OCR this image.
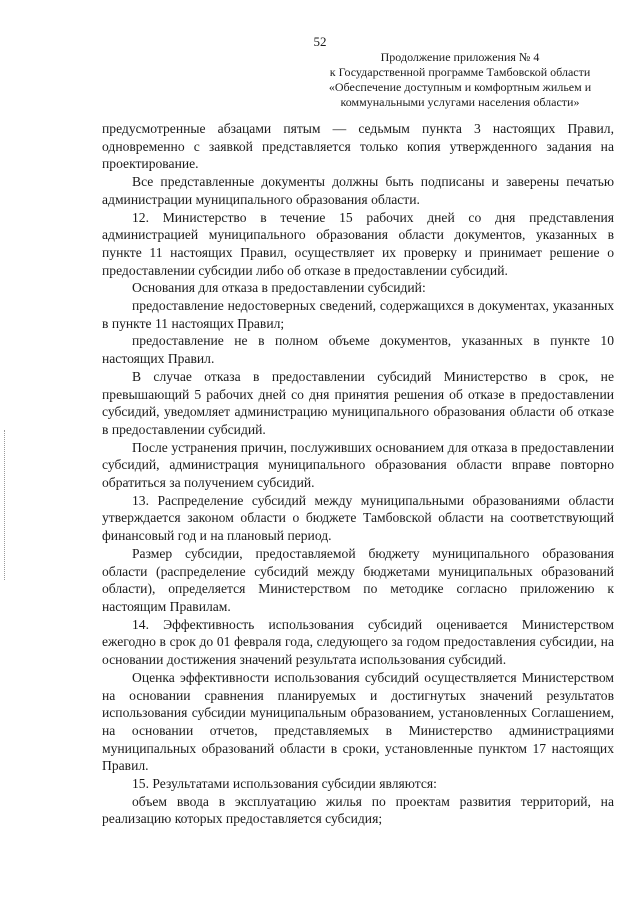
52
Продолжение приложения № 4
к Государственной программе Тамбовской области
«Обеспечение доступным и комфортным жильем и
коммунальными услугами населения области»

предусмотренные абзацами пятым — седьмым пункта 3 настоящих Правил, одновременно с заявкой представляется только копия утвержденного задания на проектирование.

Все представленные документы должны быть подписаны и заверены печатью администрации муниципального образования области.

12. Министерство в течение 15 рабочих дней со дня представления администрацией муниципального образования области документов, указанных в пункте 11 настоящих Правил, осуществляет их проверку и принимает решение о предоставлении субсидии либо об отказе в предоставлении субсидий.

Основания для отказа в предоставлении субсидий:

предоставление недостоверных сведений, содержащихся в документах, указанных в пункте 11 настоящих Правил;

предоставление не в полном объеме документов, указанных в пункте 10 настоящих Правил.

В случае отказа в предоставлении субсидий Министерство в срок, не превышающий 5 рабочих дней со дня принятия решения об отказе в предоставлении субсидий, уведомляет администрацию муниципального образования области об отказе в предоставлении субсидий.

После устранения причин, послуживших основанием для отказа в предоставлении субсидий, администрация муниципального образования области вправе повторно обратиться за получением субсидий.

13. Распределение субсидий между муниципальными образованиями области утверждается законом области о бюджете Тамбовской области на соответствующий финансовый год и на плановый период.

Размер субсидии, предоставляемой бюджету муниципального образования области (распределение субсидий между бюджетами муниципальных образований области), определяется Министерством по методике согласно приложению к настоящим Правилам.

14. Эффективность использования субсидий оценивается Министерством ежегодно в срок до 01 февраля года, следующего за годом предоставления субсидии, на основании достижения значений результата использования субсидий.

Оценка эффективности использования субсидий осуществляется Министерством на основании сравнения планируемых и достигнутых значений результатов использования субсидии муниципальным образованием, установленных Соглашением, на основании отчетов, представляемых в Министерство администрациями муниципальных образований области в сроки, установленные пунктом 17 настоящих Правил.

15. Результатами использования субсидии являются:

объем ввода в эксплуатацию жилья по проектам развития территорий, на реализацию которых предоставляется субсидия;
